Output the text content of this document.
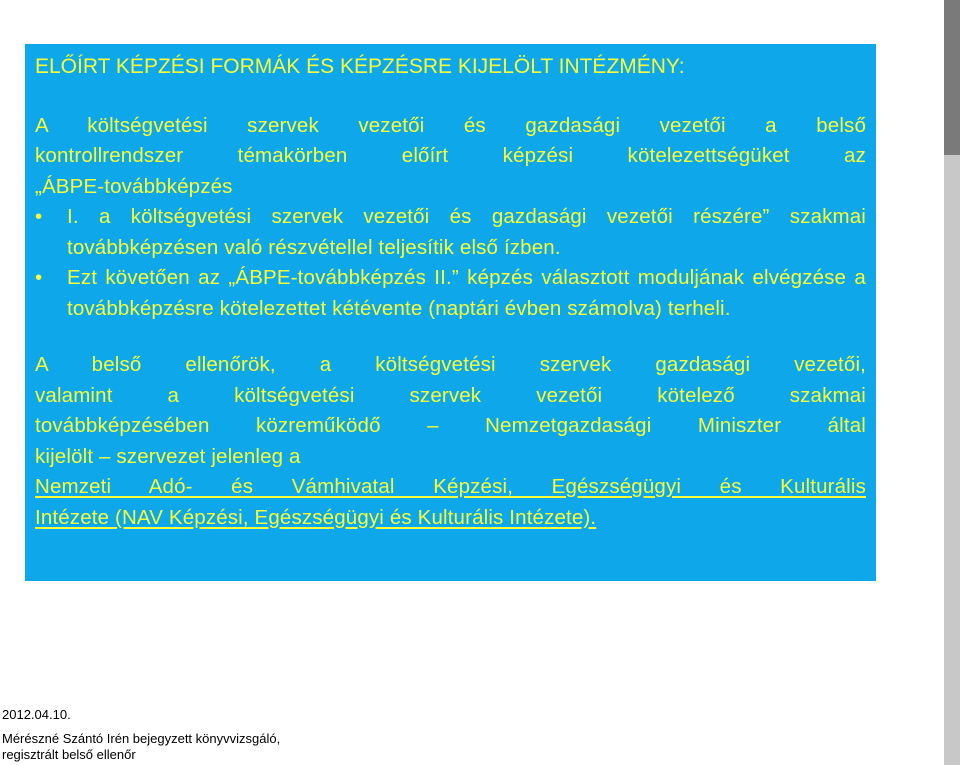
ELŐÍRT KÉPZÉSI FORMÁK ÉS KÉPZÉSRE KIJELÖLT INTÉZMÉNY:

A költségvetési szervek vezetői és gazdasági vezetői a belső
kontrollrendszer témakörben előírt képzési kötelezettségüket az
„ÁBPE-továbbképzés

•	I. a költségvetési szervek vezetői és gazdasági vezetői részére” szakmai továbbképzésen való részvétellel teljesítik első ízben.
•	Ezt követően az „ÁBPE-továbbképzés II.” képzés választott moduljának elvégzése a továbbképzésre kötelezettet kétévente (naptári évben számolva) terheli.
A belső ellenőrök, a költségvetési szervek gazdasági vezetői,
valamint a költségvetési szervek vezetői kötelező szakmai
továbbképzésében közreműködő – Nemzetgazdasági Miniszter által
kijelölt – szervezet jelenleg a
Nemzeti Adó- és Vámhivatal Képzési, Egészségügyi és Kulturális
Intézete (NAV Képzési, Egészségügyi és Kulturális Intézete).
2012.04.10.
Mérészné Szántó Irén bejegyzett könyvvizsgáló,
regisztrált belső ellenőr
